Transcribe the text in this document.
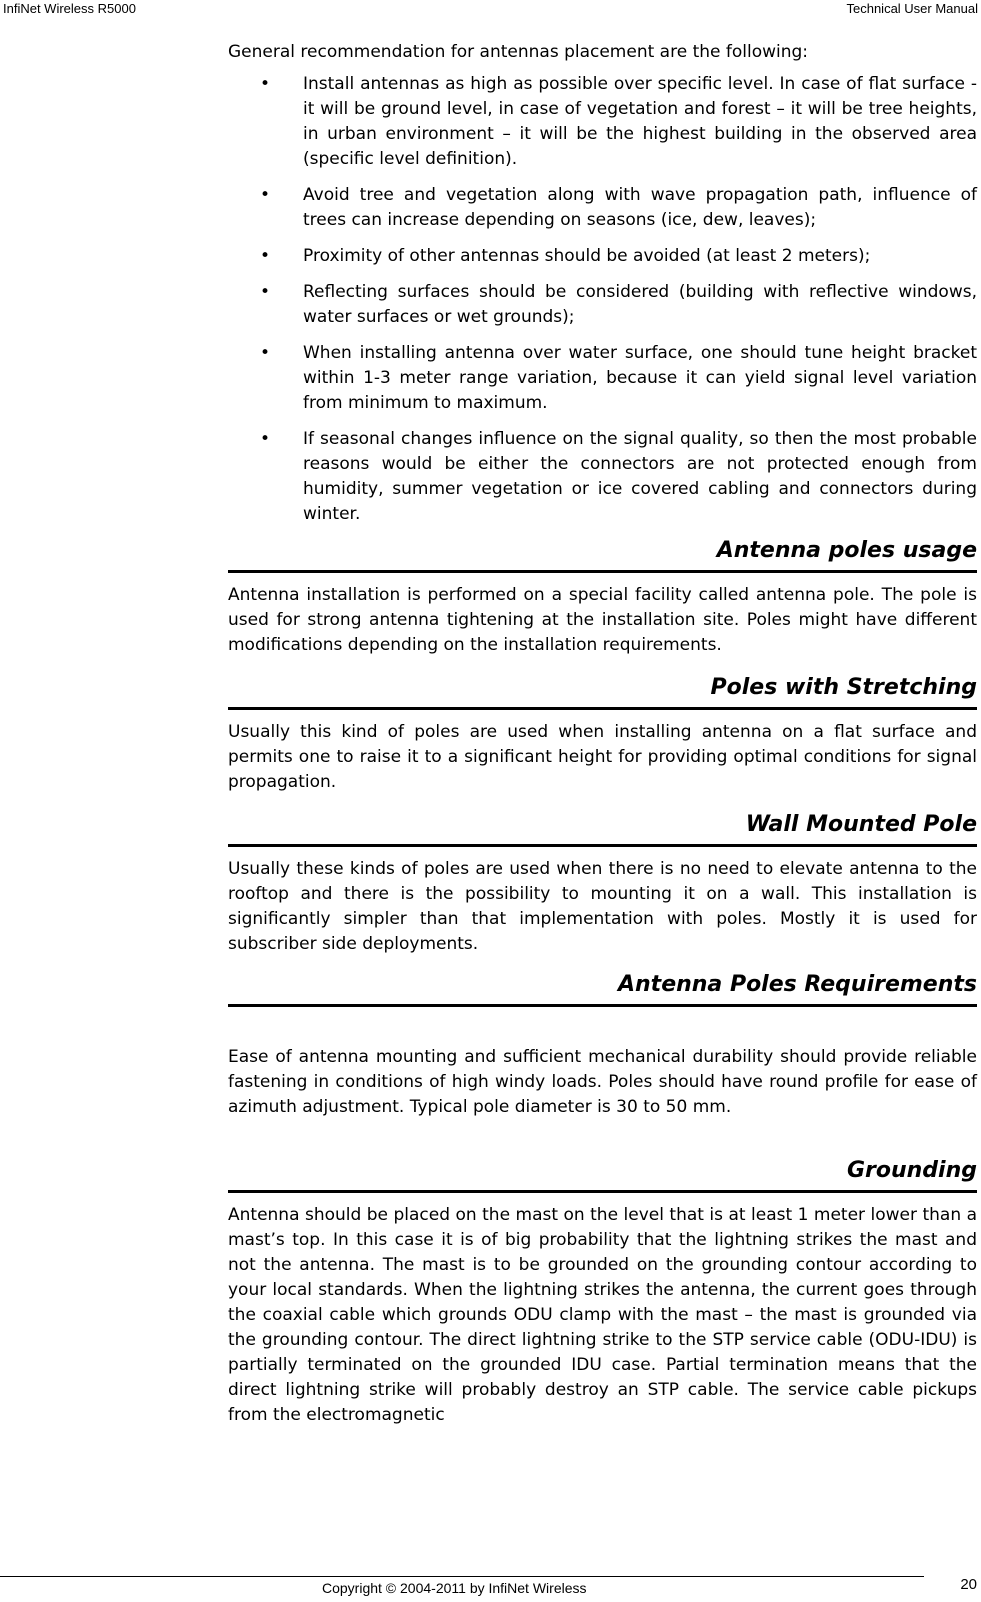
InfiNet Wireless R5000	Technical User Manual

General recommendation for antennas placement are the following:

• Install antennas as high as possible over specific level. In case of flat surface - it will be ground level, in case of vegetation and forest – it will be tree heights, in urban environment – it will be the highest building in the observed area (specific level definition).
• Avoid tree and vegetation along with wave propagation path, influence of trees can increase depending on seasons (ice, dew, leaves);
• Proximity of other antennas should be avoided (at least 2 meters);
• Reflecting surfaces should be considered (building with reflective windows, water surfaces or wet grounds);
• When installing antenna over water surface, one should tune height bracket within 1-3 meter range variation, because it can yield signal level variation from minimum to maximum.
• If seasonal changes influence on the signal quality, so then the most probable reasons would be either the connectors are not protected enough from humidity, summer vegetation or ice covered cabling and connectors during winter.
Antenna poles usage

Antenna installation is performed on a special facility called antenna pole. The pole is used for strong antenna tightening at the installation site. Poles might have different modifications depending on the installation requirements.

Poles with Stretching

Usually this kind of poles are used when installing antenna on a flat surface and permits one to raise it to a significant height for providing optimal conditions for signal propagation.

Wall Mounted Pole

Usually these kinds of poles are used when there is no need to elevate antenna to the rooftop and there is the possibility to mounting it on a wall. This installation is significantly simpler than that implementation with poles. Mostly it is used for subscriber side deployments.

Antenna Poles Requirements

Ease of antenna mounting and sufficient mechanical durability should provide reliable fastening in conditions of high windy loads. Poles should have round profile for ease of azimuth adjustment. Typical pole diameter is 30 to 50 mm.

Grounding

Antenna should be placed on the mast on the level that is at least 1 meter lower than a mast’s top. In this case it is of big probability that the lightning strikes the mast and not the antenna. The mast is to be grounded on the grounding contour according to your local standards. When the lightning strikes the antenna, the current goes through the coaxial cable which grounds ODU clamp with the mast – the mast is grounded via the grounding contour. The direct lightning strike to the STP service cable (ODU-IDU) is partially terminated on the grounded IDU case. Partial termination means that the direct lightning strike will probably destroy an STP cable. The service cable pickups from the electromagnetic

Copyright © 2004-2011 by InfiNet Wireless	20
